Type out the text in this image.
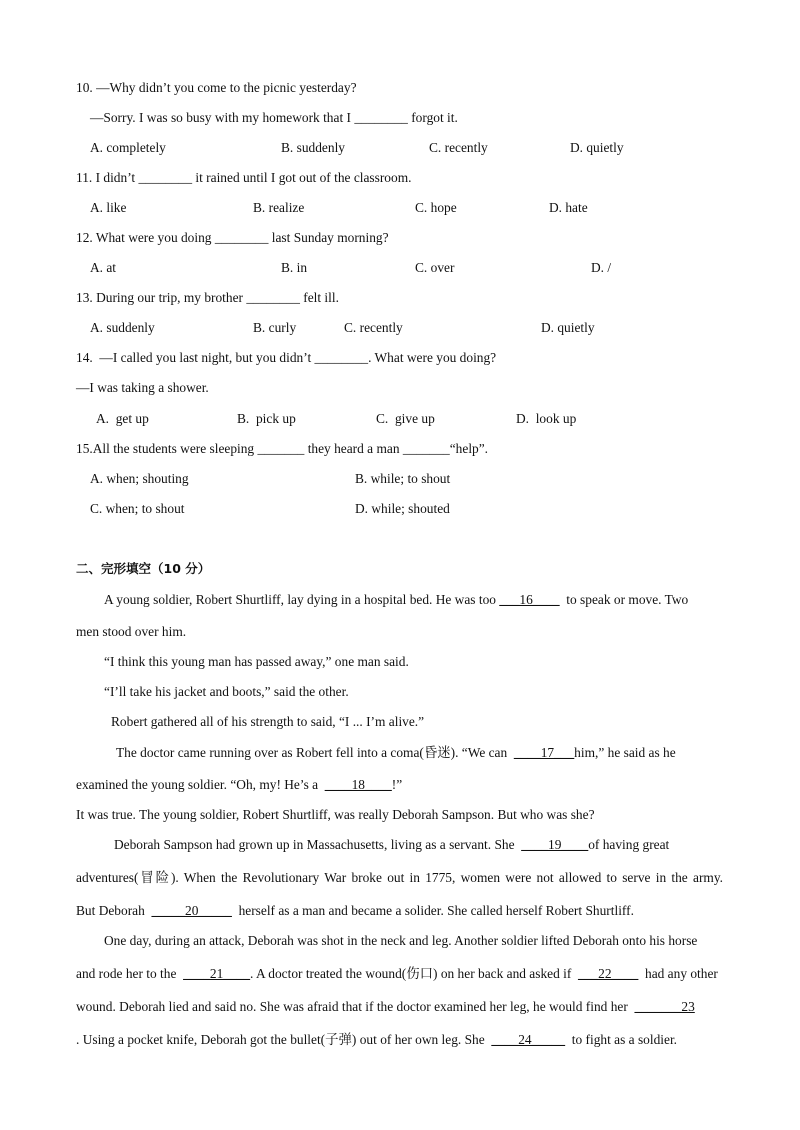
10. —Why didn’t you come to the picnic yesterday?
—Sorry. I was so busy with my homework that I ________ forgot it.
A. completely	B. suddenly	C. recently	D. quietly
11. I didn’t ________ it rained until I got out of the classroom.
A. like	B. realize	C. hope	D. hate
12. What were you doing ________ last Sunday morning?
A. at	B. in	C. over	D. /
13. During our trip, my brother ________ felt ill.
A. suddenly	B. curly	C. recently	D. quietly
14.  —I called you last night, but you didn’t ________. What were you doing?
—I was taking a shower.
A.  get up	B.  pick up	C.  give up	D.  look up
15.All the students were sleeping _______ they heard a man _______“help”.
A. when; shouting	B. while; to shout
C. when; to shout	D. while; shouted
二、完形填空（10 分）
A young soldier, Robert Shurtliff, lay dying in a hospital bed. He was too ___16____ to speak or move. Two
men stood over him.
“I think this young man has passed away,” one man said.
“I’ll take his jacket and boots,” said the other.
Robert gathered all of his strength to said, “I ... I’m alive.”
The doctor came running over as Robert fell into a coma(昏迷). “We can ____17___him,” he said as he
examined the young soldier. “Oh, my! He’s a ____18____!”
It was true. The young soldier, Robert Shurtliff, was really Deborah Sampson. But who was she?
Deborah Sampson had grown up in Massachusetts, living as a servant. She ____19____of having great
adventures(冒险). When the Revolutionary War broke out in 1775, women were not allowed to serve in the army.
But Deborah _____20_____ herself as a man and became a solider. She called herself Robert Shurtliff.
One day, during an attack, Deborah was shot in the neck and leg. Another soldier lifted Deborah onto his horse
and rode her to the ____21____. A doctor treated the wound(伤口) on her back and asked if ___22____ had any other
wound. Deborah lied and said no. She was afraid that if the doctor examined her leg, he would find her _______23
. Using a pocket knife, Deborah got the bullet(子弹) out of her own leg. She ____24_____ to fight as a soldier.
